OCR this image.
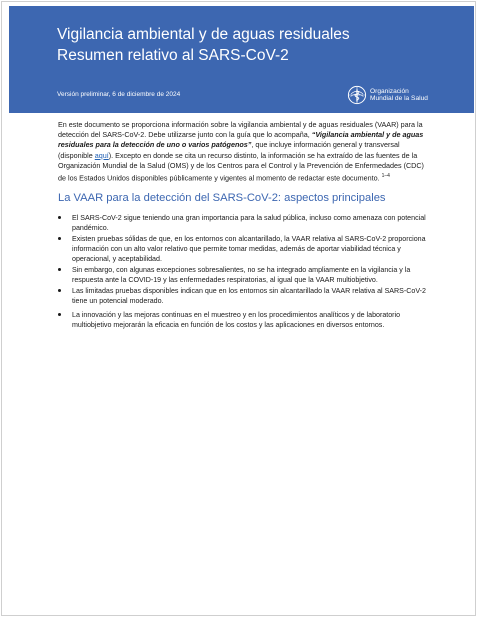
Vigilancia ambiental y de aguas residuales
Resumen relativo al SARS-CoV-2
Versión preliminar, 6 de diciembre de 2024	Organización
Mundial de la Salud

En este documento se proporciona información sobre la vigilancia ambiental y de aguas residuales (VAAR) para la detección del SARS-CoV-2. Debe utilizarse junto con la guía que lo acompaña, “Vigilancia ambiental y de aguas residuales para la detección de uno o varios patógenos”, que incluye información general y transversal (disponible aquí). Excepto en donde se cita un recurso distinto, la información se ha extraído de las fuentes de la Organización Mundial de la Salud (OMS) y de los Centros para el Control y la Prevención de Enfermedades (CDC) de los Estados Unidos disponibles públicamente y vigentes al momento de redactar este documento. $^{1-4}$

La VAAR para la detección del SARS-CoV-2: aspectos principales
El SARS-CoV-2 sigue teniendo una gran importancia para la salud pública, incluso como amenaza con potencial pandémico.
Existen pruebas sólidas de que, en los entornos con alcantarillado, la VAAR relativa al SARS-CoV-2 proporciona información con un alto valor relativo que permite tomar medidas, además de aportar viabilidad técnica y operacional, y aceptabilidad.
Sin embargo, con algunas excepciones sobresalientes, no se ha integrado ampliamente en la vigilancia y la respuesta ante la COVID-19 y las enfermedades respiratorias, al igual que la VAAR multiobjetivo.
Las limitadas pruebas disponibles indican que en los entornos sin alcantarillado la VAAR relativa al SARS-CoV-2 tiene un potencial moderado.
La innovación y las mejoras continuas en el muestreo y en los procedimientos analíticos y de laboratorio multiobjetivo mejorarán la eficacia en función de los costos y las aplicaciones en diversos entornos.
